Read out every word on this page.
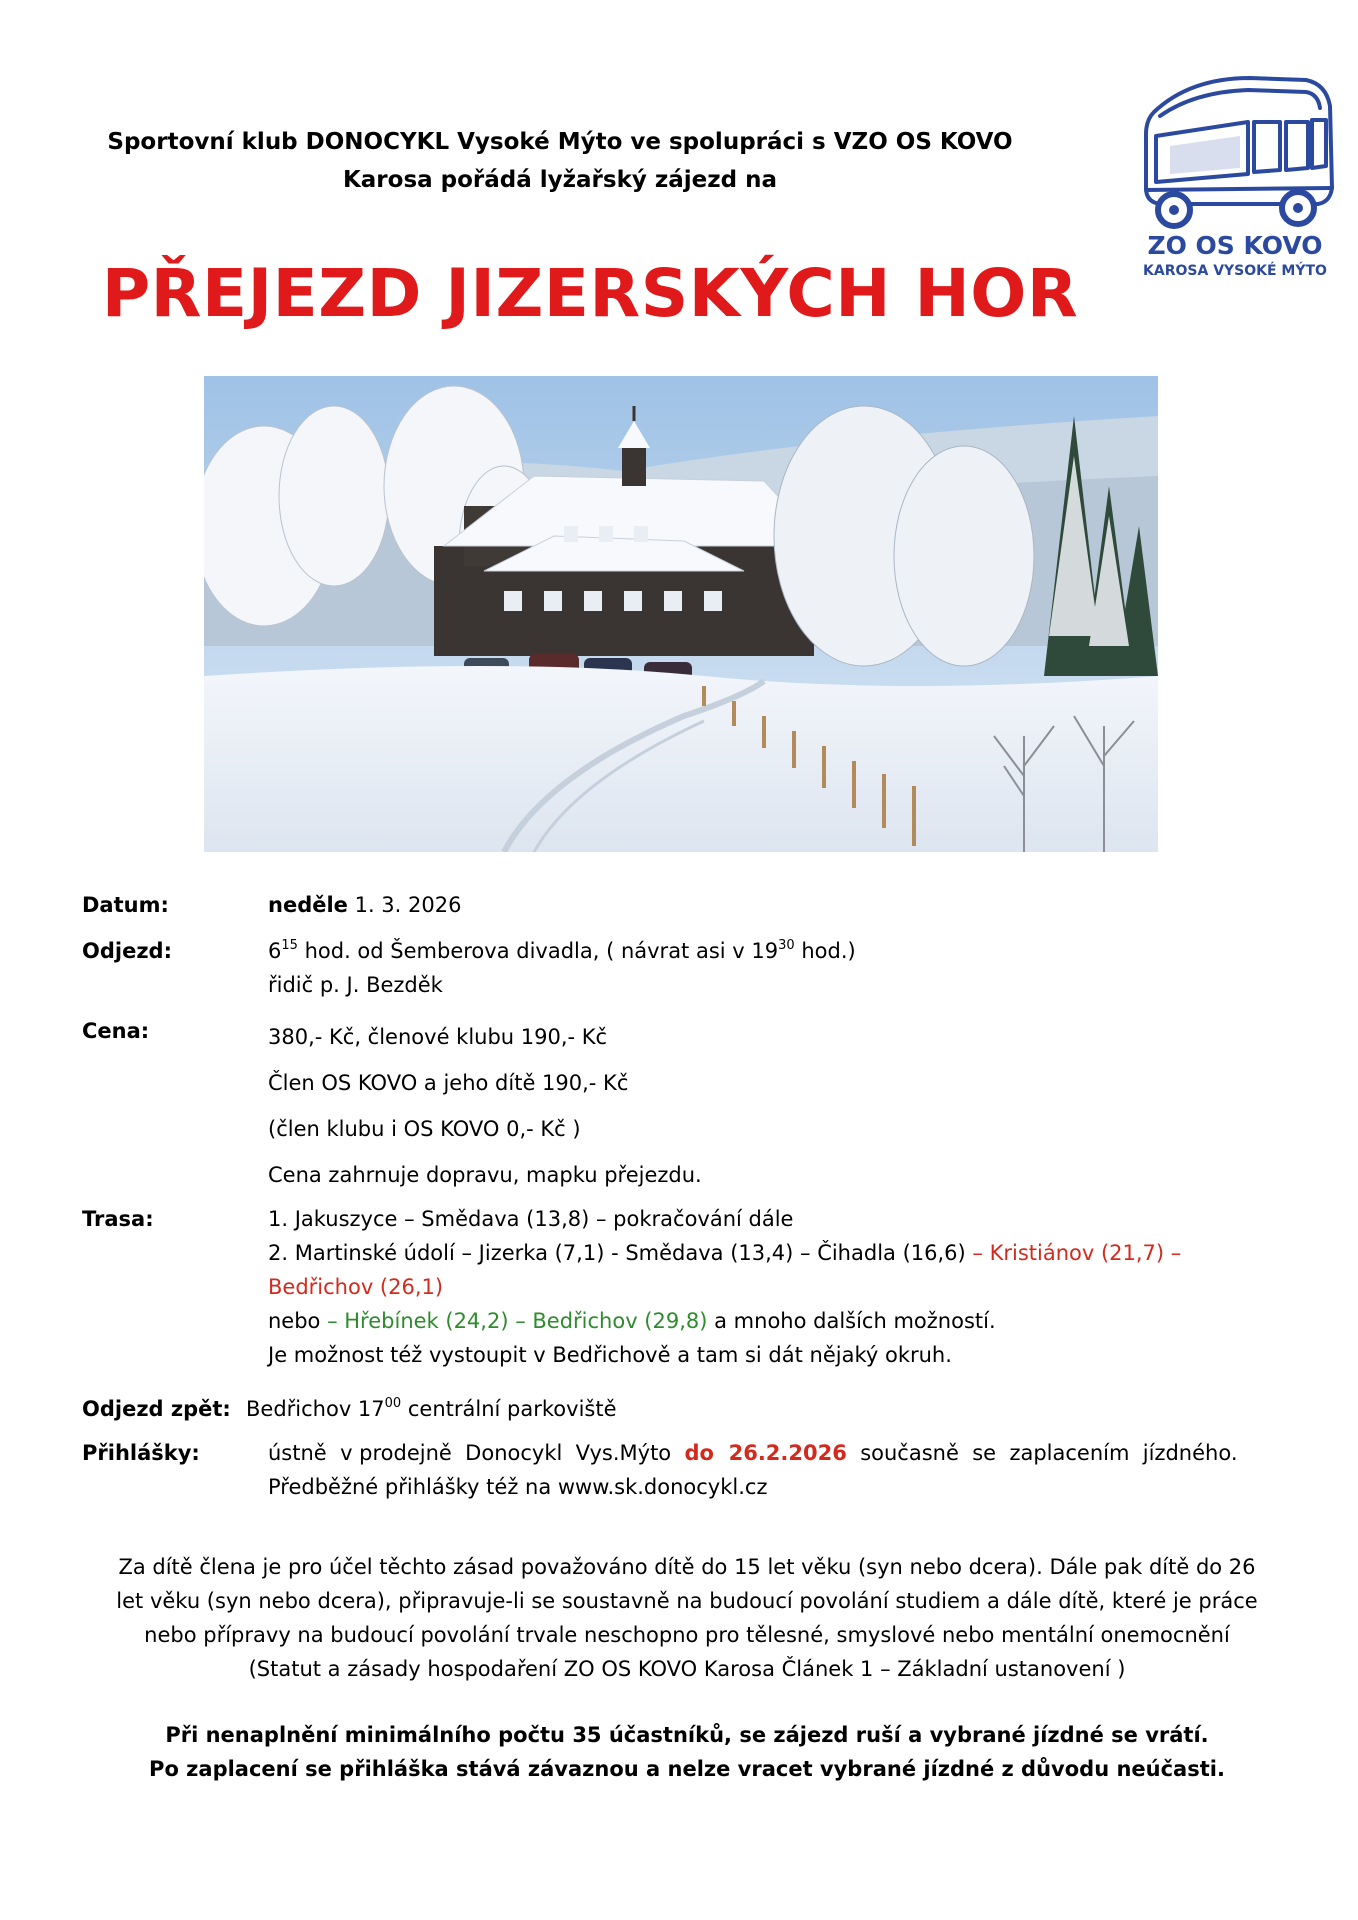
Sportovní klub DONOCYKL Vysoké Mýto ve spolupráci s VZO OS KOVO
Karosa pořádá lyžařský zájezd na
PŘEJEZD JIZERSKÝCH HOR
ZO OS KOVO
KAROSA VYSOKÉ MÝTO
Datum:	neděle 1. 3. 2026
Odjezd:	$6^{15}$ hod. od Šemberova divadla, ( návrat asi v $19^{30}$ hod.)
řidič p. J. Bezděk
Cena:	380,- Kč, členové klubu 190,- Kč
Člen OS KOVO a jeho dítě 190,- Kč
(člen klubu i OS KOVO 0,- Kč )
Cena zahrnuje dopravu, mapku přejezdu.
Trasa:	1. Jakuszyce – Smědava (13,8) – pokračování dále
2. Martinské údolí – Jizerka (7,1) - Smědava (13,4) – Čihadla (16,6) – Kristiánov (21,7) –
Bedřichov (26,1)
nebo – Hřebínek (24,2) – Bedřichov (29,8) a mnoho dalších možností.
Je možnost též vystoupit v Bedřichově a tam si dát nějaký okruh.
Odjezd zpět: Bedřichov $17^{00}$ centrální parkoviště
Přihlášky:	ústně  v prodejně  Donocykl  Vys.Mýto  do  26.2.2026  současně  se  zaplacením  jízdného.
Předběžné přihlášky též na www.sk.donocykl.cz
Za dítě člena je pro účel těchto zásad považováno dítě do 15 let věku (syn nebo dcera). Dále pak dítě do 26
let věku (syn nebo dcera), připravuje-li se soustavně na budoucí povolání studiem a dále dítě, které je práce
nebo přípravy na budoucí povolání trvale neschopno pro tělesné, smyslové nebo mentální onemocnění
(Statut a zásady hospodaření ZO OS KOVO Karosa Článek 1 – Základní ustanovení )
Při nenaplnění minimálního počtu 35 účastníků, se zájezd ruší a vybrané jízdné se vrátí.
Po zaplacení se přihláška stává závaznou a nelze vracet vybrané jízdné z důvodu neúčasti.
